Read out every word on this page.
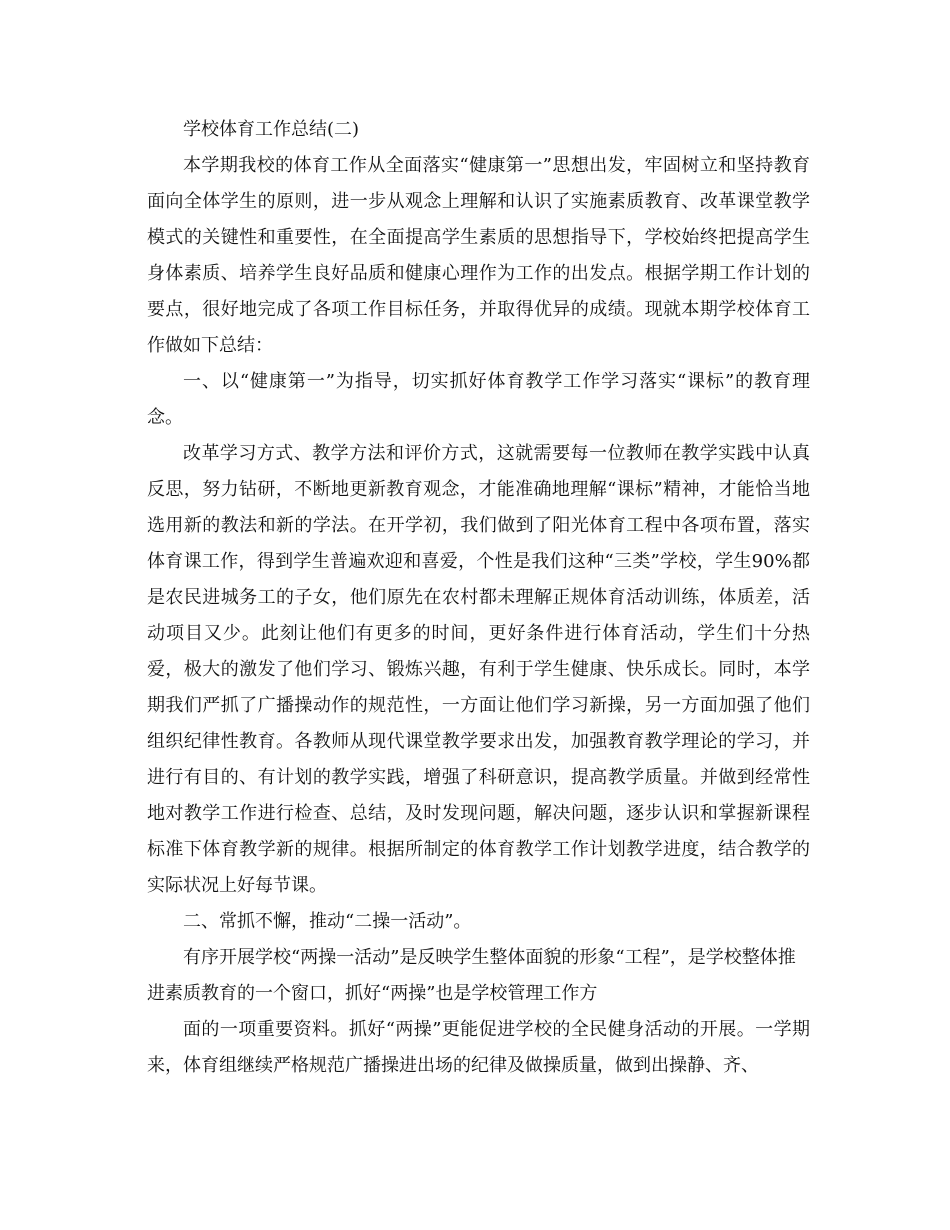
学校体育工作总结(二)

本学期我校的体育工作从全面落实“健康第一”思想出发，牢固树立和坚持教育面向全体学生的原则，进一步从观念上理解和认识了实施素质教育、改革课堂教学模式的关键性和重要性，在全面提高学生素质的思想指导下，学校始终把提高学生身体素质、培养学生良好品质和健康心理作为工作的出发点。根据学期工作计划的要点，很好地完成了各项工作目标任务，并取得优异的成绩。现就本期学校体育工作做如下总结：

一、以“健康第一”为指导，切实抓好体育教学工作学习落实“课标”的教育理念。

改革学习方式、教学方法和评价方式，这就需要每一位教师在教学实践中认真反思，努力钻研，不断地更新教育观念，才能准确地理解“课标”精神，才能恰当地选用新的教法和新的学法。在开学初，我们做到了阳光体育工程中各项布置，落实体育课工作，得到学生普遍欢迎和喜爱，个性是我们这种“三类”学校，学生90%都是农民进城务工的子女，他们原先在农村都未理解正规体育活动训练，体质差，活动项目又少。此刻让他们有更多的时间，更好条件进行体育活动，学生们十分热爱，极大的激发了他们学习、锻炼兴趣，有利于学生健康、快乐成长。同时，本学期我们严抓了广播操动作的规范性，一方面让他们学习新操，另一方面加强了他们组织纪律性教育。各教师从现代课堂教学要求出发，加强教育教学理论的学习，并进行有目的、有计划的教学实践，增强了科研意识，提高教学质量。并做到经常性地对教学工作进行检查、总结，及时发现问题，解决问题，逐步认识和掌握新课程标准下体育教学新的规律。根据所制定的体育教学工作计划教学进度，结合教学的实际状况上好每节课。

二、常抓不懈，推动“二操一活动”。

有序开展学校“两操一活动”是反映学生整体面貌的形象“工程”，是学校整体推进素质教育的一个窗口，抓好“两操”也是学校管理工作方

面的一项重要资料。抓好“两操”更能促进学校的全民健身活动的开展。一学期来，体育组继续严格规范广播操进出场的纪律及做操质量，做到出操静、齐、
